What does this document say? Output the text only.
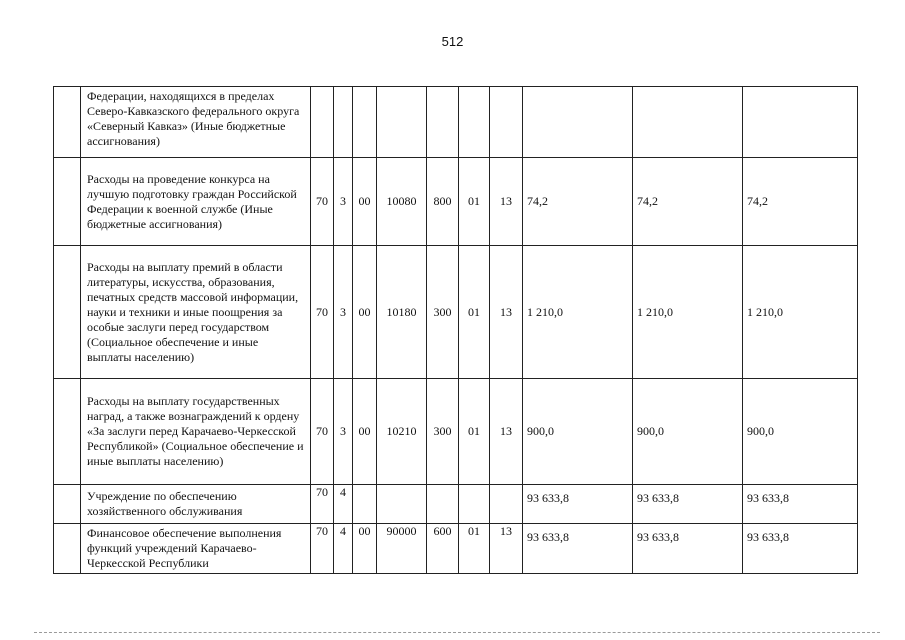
512
	Федерации, находящихся в пределах Северо-Кавказского федерального округа «Северный Кавказ» (Иные бюджетные ассигнования)										
	Расходы на проведение конкурса на лучшую подготовку граждан Российской Федерации к военной службе (Иные бюджетные ассигнования)	70	3	00	10080	800	01	13	74,2	74,2	74,2
	Расходы на выплату премий в области литературы, искусства, образования, печатных средств массовой информации, науки и техники и иные поощрения за особые заслуги перед государством (Социальное обеспечение и иные выплаты населению)	70	3	00	10180	300	01	13	1 210,0	1 210,0	1 210,0
	Расходы на выплату государственных наград, а также вознаграждений к ордену «За заслуги перед Карачаево-Черкесской Республикой» (Социальное обеспечение и иные выплаты населению)	70	3	00	10210	300	01	13	900,0	900,0	900,0
	Учреждение по обеспечению хозяйственного обслуживания	70	4						93 633,8	93 633,8	93 633,8
	Финансовое обеспечение выполнения функций учреждений Карачаево-Черкесской Республики	70	4	00	90000	600	01	13	93 633,8	93 633,8	93 633,8
